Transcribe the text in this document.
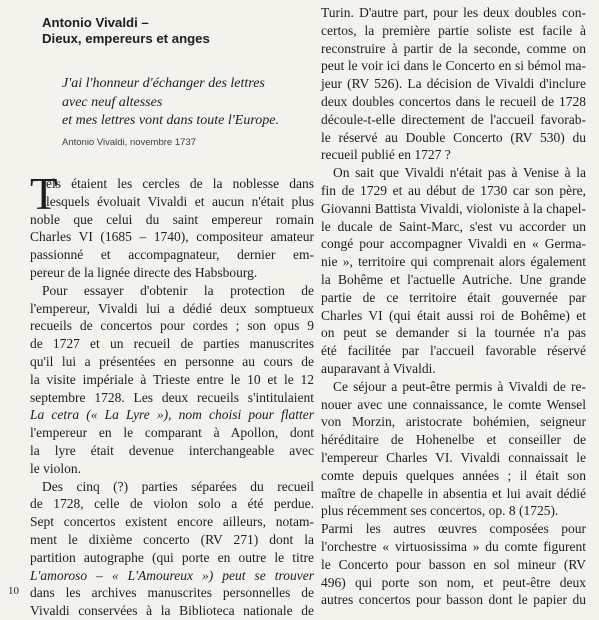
Antonio Vivaldi –
Dieux, empereurs et anges
J'ai l'honneur d'échanger des lettres
avec neuf altesses
et mes lettres vont dans toute l'Europe.
Antonio Vivaldi, novembre 1737
T
els étaient les cercles de la noblesse dans
lesquels évoluait Vivaldi et aucun n'était plus
noble que celui du saint empereur romain
Charles VI (1685 – 1740), compositeur amateur
passionné et accompagnateur, dernier em-
pereur de la lignée directe des Habsbourg.
Pour essayer d'obtenir la protection de
l'empereur, Vivaldi lui a dédié deux somptueux
recueils de concertos pour cordes ; son opus 9
de 1727 et un recueil de parties manuscrites
qu'il lui a présentées en personne au cours de
la visite impériale à Trieste entre le 10 et le 12
septembre 1728. Les deux recueils s'intitulaient
La cetra (« La Lyre »), nom choisi pour flatter
l'empereur en le comparant à Apollon, dont
la lyre était devenue interchangeable avec
le violon.
Des cinq (?) parties séparées du recueil
de 1728, celle de violon solo a été perdue.
Sept concertos existent encore ailleurs, notam-
ment le dixième concerto (RV 271) dont la
partition autographe (qui porte en outre le titre
L'amoroso – « L'Amoureux ») peut se trouver
dans les archives manuscrites personnelles de
Vivaldi conservées à la Biblioteca nationale de
Turin. D'autre part, pour les deux doubles con-
certos, la première partie soliste est facile à
reconstruire à partir de la seconde, comme on
peut le voir ici dans le Concerto en si bémol ma-
jeur (RV 526). La décision de Vivaldi d'inclure
deux doubles concertos dans le recueil de 1728
découle-t-elle directement de l'accueil favorab-
le réservé au Double Concerto (RV 530) du
recueil publié en 1727 ?
On sait que Vivaldi n'était pas à Venise à la
fin de 1729 et au début de 1730 car son père,
Giovanni Battista Vivaldi, violoniste à la chapel-
le ducale de Saint-Marc, s'est vu accorder un
congé pour accompagner Vivaldi en « Germa-
nie », territoire qui comprenait alors également
la Bohême et l'actuelle Autriche. Une grande
partie de ce territoire était gouvernée par
Charles VI (qui était aussi roi de Bohême) et
on peut se demander si la tournée n'a pas
été facilitée par l'accueil favorable réservé
auparavant à Vivaldi.
Ce séjour a peut-être permis à Vivaldi de re-
nouer avec une connaissance, le comte Wensel
von Morzin, aristocrate bohémien, seigneur
héréditaire de Hohenelbe et conseiller de
l'empereur Charles VI. Vivaldi connaissait le
comte depuis quelques années ; il était son
maître de chapelle in absentia et lui avait dédié
plus récemment ses concertos, op. 8 (1725).
Parmi les autres œuvres composées pour
l'orchestre « virtuosissima » du comte figurent
le Concerto pour basson en sol mineur (RV
496) qui porte son nom, et peut-être deux
autres concertos pour basson dont le papier du
10
